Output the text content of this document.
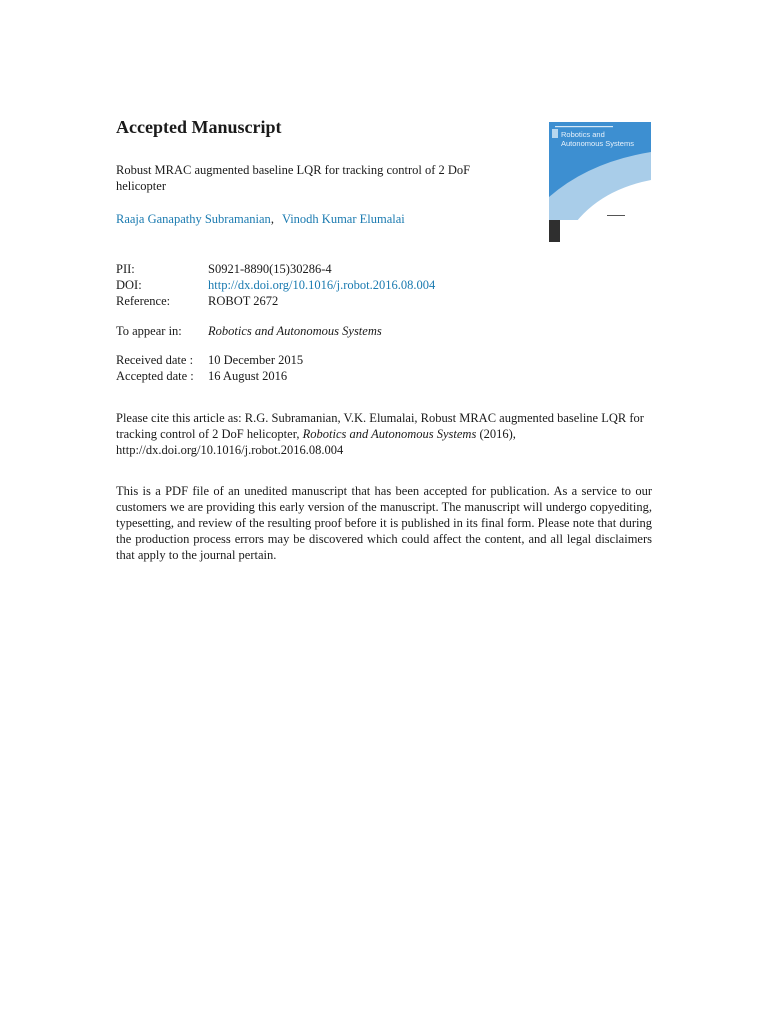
Accepted Manuscript

Robust MRAC augmented baseline LQR for tracking control of 2 DoF helicopter

Raaja Ganapathy Subramanian, Vinodh Kumar Elumalai
PII:	S0921-8890(15)30286-4
DOI:	http://dx.doi.org/10.1016/j.robot.2016.08.004
Reference:	ROBOT 2672
To appear in:	Robotics and Autonomous Systems
Received date :	10 December 2015
Accepted date :	16 August 2016

Please cite this article as: R.G. Subramanian, V.K. Elumalai, Robust MRAC augmented baseline LQR for tracking control of 2 DoF helicopter, Robotics and Autonomous Systems (2016), http://dx.doi.org/10.1016/j.robot.2016.08.004

This is a PDF file of an unedited manuscript that has been accepted for publication. As a service to our customers we are providing this early version of the manuscript. The manuscript will undergo copyediting, typesetting, and review of the resulting proof before it is published in its final form. Please note that during the production process errors may be discovered which could affect the content, and all legal disclaimers that apply to the journal pertain.

Robotics and
Autonomous Systems
